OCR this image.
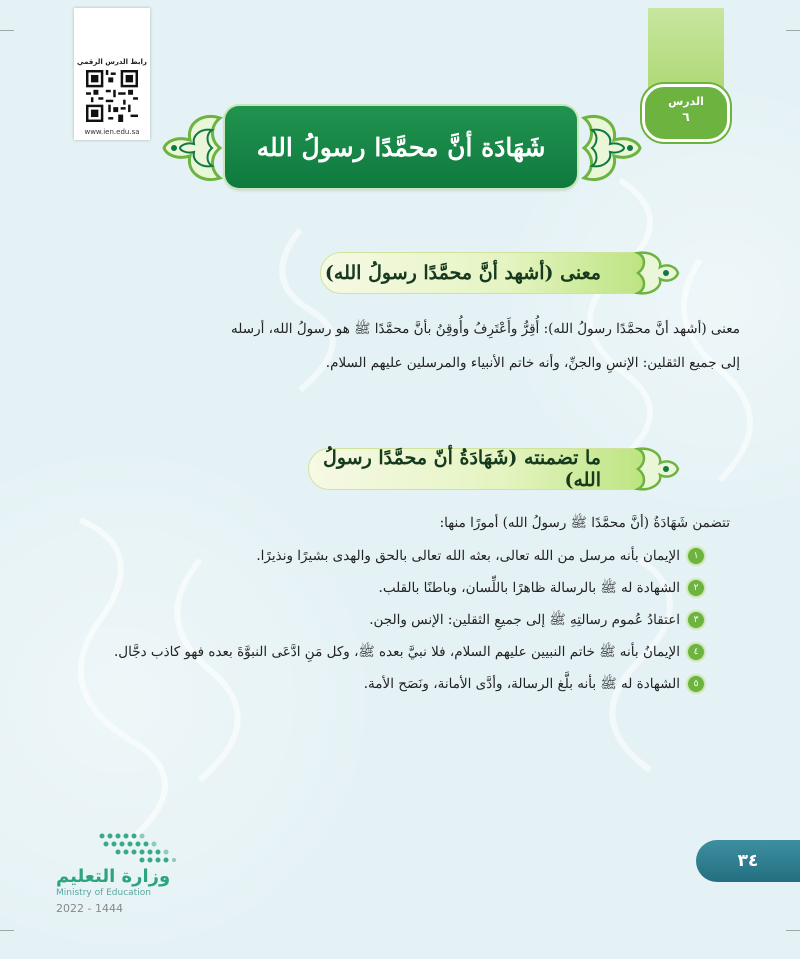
رابط الدرس الرقمي
www.ien.edu.sa
الدرس
٦
شَهَادَة أنَّ محمَّدًا رسولُ الله
معنى (أشهد أنَّ محمَّدًا رسولُ الله)
معنى (أشهد أنَّ محمَّدًا رسولُ الله): أُقِرُّ وأَعْتَرِفُ وأُوقِنُ بأنَّ محمَّدًا ﷺ هو رسولُ الله، أرسله
إلى جميع الثقلين: الإنسِ والجنِّ، وأنه خاتم الأنبياء والمرسلين عليهم السلام.
ما تضمنته (شَهَادَةُ أنّ محمَّدًا رسولُ الله)
تتضمن شَهَادَةُ (أنَّ محمَّدًا ﷺ رسولُ الله) أمورًا منها:
١
الإيمان بأنه مرسل من الله تعالى، بعثه الله تعالى بالحق والهدى بشيرًا ونذيرًا.
٢
الشهادة له ﷺ بالرسالة ظاهرًا باللِّسان، وباطنًا بالقلب.
٣
اعتقادُ عُموم رسالتِهِ ﷺ إلى جميعِ الثقلين: الإنس والجن.
٤
الإيمانُ بأنه ﷺ خاتم النبيين عليهم السلام، فلا نبيَّ بعده ﷺ، وكل مَنِ ادَّعَى النبوَّةَ بعده فهو كاذب دجَّال.
٥
الشهادة له ﷺ بأنه بلَّغ الرسالة، وأدَّى الأمانة، ونَصَح الأمة.
وزارة التعليم
Ministry of Education
2022 - 1444
٣٤
